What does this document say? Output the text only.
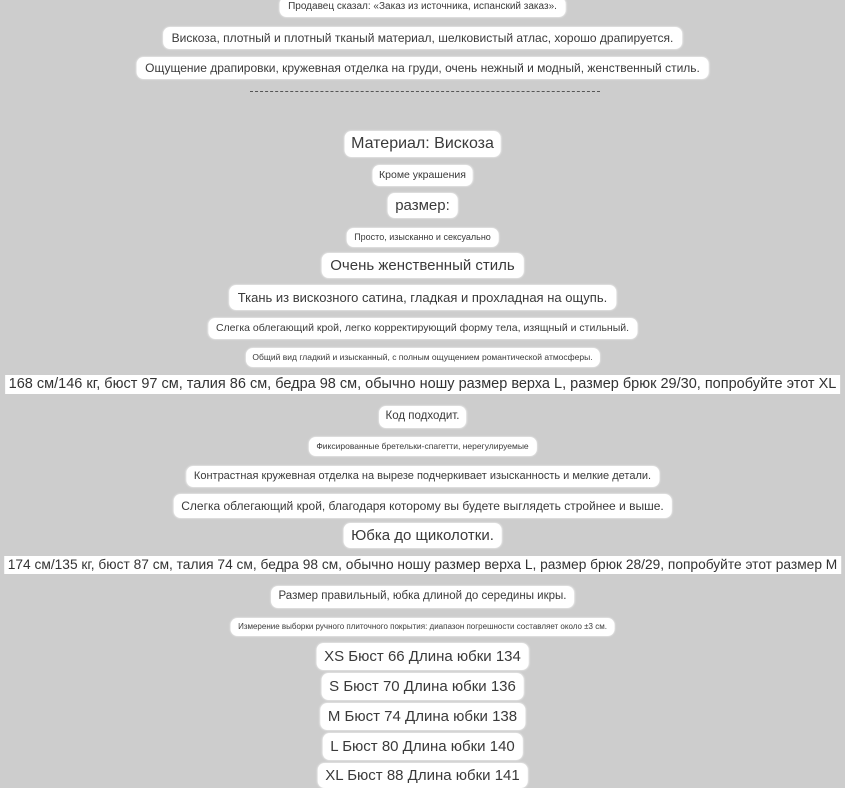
Продавец сказал: «Заказ из источника, испанский заказ».
Вискоза, плотный и плотный тканый материал, шелковистый атлас, хорошо драпируется.
Ощущение драпировки, кружевная отделка на груди, очень нежный и модный, женственный стиль.
Материал: Вискоза
Кроме украшения
размер:
Просто, изысканно и сексуально
Очень женственный стиль
Ткань из вискозного сатина, гладкая и прохладная на ощупь.
Слегка облегающий крой, легко корректирующий форму тела, изящный и стильный.
Общий вид гладкий и изысканный, с полным ощущением романтической атмосферы.
168 см/146 кг, бюст 97 см, талия 86 см, бедра 98 см, обычно ношу размер верха L, размер брюк 29/30, попробуйте этот XL
Код подходит.
Фиксированные бретельки-спагетти, нерегулируемые
Контрастная кружевная отделка на вырезе подчеркивает изысканность и мелкие детали.
Слегка облегающий крой, благодаря которому вы будете выглядеть стройнее и выше.
Юбка до щиколотки.
174 см/135 кг, бюст 87 см, талия 74 см, бедра 98 см, обычно ношу размер верха L, размер брюк 28/29, попробуйте этот размер M
Размер правильный, юбка длиной до середины икры.
Измерение выборки ручного плиточного покрытия: диапазон погрешности составляет около ±3 см.
XS Бюст 66 Длина юбки 134
S Бюст 70 Длина юбки 136
M Бюст 74 Длина юбки 138
L Бюст 80 Длина юбки 140
XL Бюст 88 Длина юбки 141
